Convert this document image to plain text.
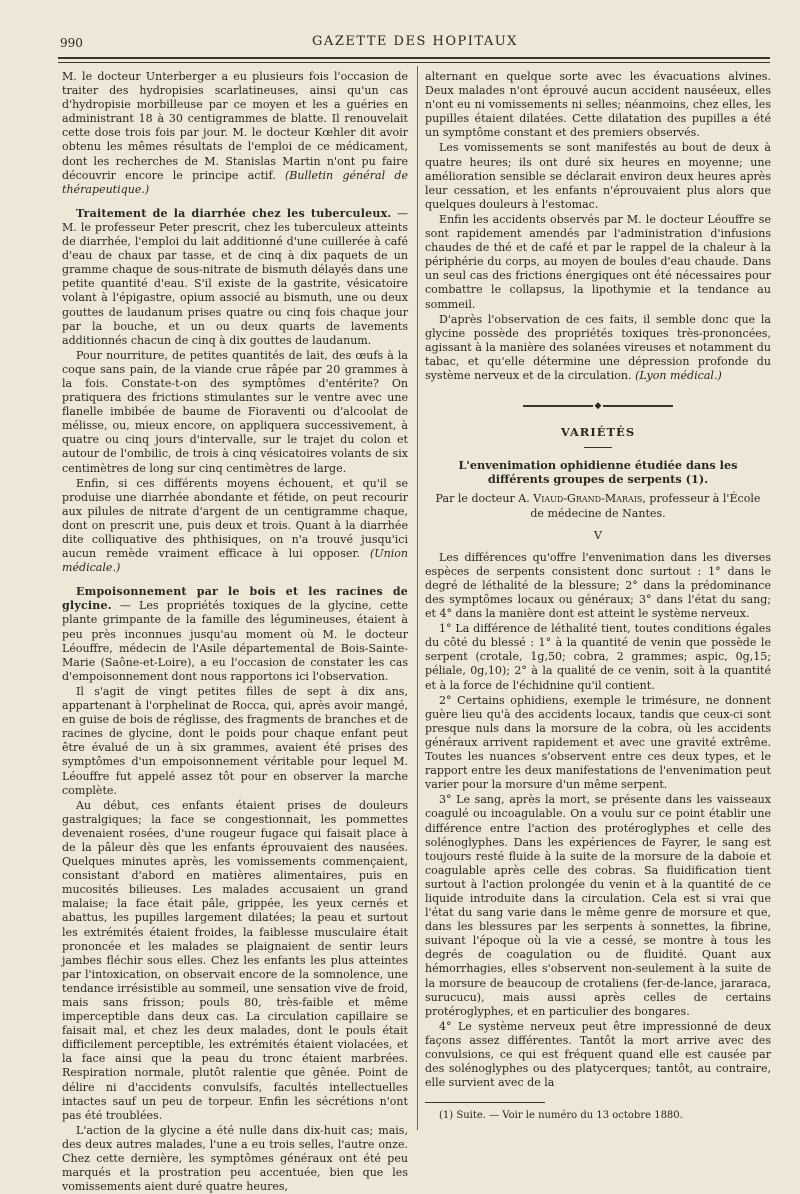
990	GAZETTE DES HOPITAUX

M. le docteur Unterberger a eu plusieurs fois l'occasion de traiter des hydropisies scarlatineuses, ainsi qu'un cas d'hydropisie morbilleuse par ce moyen et les a guéries en administrant 18 à 30 centigrammes de blatte. Il renouvelait cette dose trois fois par jour. M. le docteur Kœhler dit avoir obtenu les mêmes résultats de l'emploi de ce médicament, dont les recherches de M. Stanislas Martin n'ont pu faire découvrir encore le principe actif. (Bulletin général de thérapeutique.)

Traitement de la diarrhée chez les tuberculeux. — M. le professeur Peter prescrit, chez les tuberculeux atteints de diarrhée, l'emploi du lait additionné d'une cuillerée à café d'eau de chaux par tasse, et de cinq à dix paquets de un gramme chaque de sous-nitrate de bismuth délayés dans une petite quantité d'eau. S'il existe de la gastrite, vésicatoire volant à l'épigastre, opium associé au bismuth, une ou deux gouttes de laudanum prises quatre ou cinq fois chaque jour par la bouche, et un ou deux quarts de lavements additionnés chacun de cinq à dix gouttes de laudanum.

Pour nourriture, de petites quantités de lait, des œufs à la coque sans pain, de la viande crue râpée par 20 grammes à la fois. Constate-t-on des symptômes d'entérite? On pratiquera des frictions stimulantes sur le ventre avec une flanelle imbibée de baume de Fioraventi ou d'alcoolat de mélisse, ou, mieux encore, on appliquera successivement, à quatre ou cinq jours d'intervalle, sur le trajet du colon et autour de l'ombilic, de trois à cinq vésicatoires volants de six centimètres de long sur cinq centimètres de large.

Enfin, si ces différents moyens échouent, et qu'il se produise une diarrhée abondante et fétide, on peut recourir aux pilules de nitrate d'argent de un centigramme chaque, dont on prescrit une, puis deux et trois. Quant à la diarrhée dite colliquative des phthisiques, on n'a trouvé jusqu'ici aucun remède vraiment efficace à lui opposer. (Union médicale.)

Empoisonnement par le bois et les racines de glycine. — Les propriétés toxiques de la glycine, cette plante grimpante de la famille des légumineuses, étaient à peu près inconnues jusqu'au moment où M. le docteur Léouffre, médecin de l'Asile départemental de Bois-Sainte-Marie (Saône-et-Loire), a eu l'occasion de constater les cas d'empoisonnement dont nous rapportons ici l'observation.

Il s'agit de vingt petites filles de sept à dix ans, appartenant à l'orphelinat de Rocca, qui, après avoir mangé, en guise de bois de réglisse, des fragments de branches et de racines de glycine, dont le poids pour chaque enfant peut être évalué de un à six grammes, avaient été prises des symptômes d'un empoisonnement véritable pour lequel M. Léouffre fut appelé assez tôt pour en observer la marche complète.

Au début, ces enfants étaient prises de douleurs gastralgiques; la face se congestionnait, les pommettes devenaient rosées, d'une rougeur fugace qui faisait place à de la pâleur dès que les enfants éprouvaient des nausées. Quelques minutes après, les vomissements commençaient, consistant d'abord en matières alimentaires, puis en mucosités bilieuses. Les malades accusaient un grand malaise; la face était pâle, grippée, les yeux cernés et abattus, les pupilles largement dilatées; la peau et surtout les extrémités étaient froides, la faiblesse musculaire était prononcée et les malades se plaignaient de sentir leurs jambes fléchir sous elles. Chez les enfants les plus atteintes par l'intoxication, on observait encore de la somnolence, une tendance irrésistible au sommeil, une sensation vive de froid, mais sans frisson; pouls 80, très-faible et même imperceptible dans deux cas. La circulation capillaire se faisait mal, et chez les deux malades, dont le pouls était difficilement perceptible, les extrémités étaient violacées, et la face ainsi que la peau du tronc étaient marbrées. Respiration normale, plutôt ralentie que gênée. Point de délire ni d'accidents convulsifs, facultés intellectuelles intactes sauf un peu de torpeur. Enfin les sécrétions n'ont pas été troublées.

L'action de la glycine a été nulle dans dix-huit cas; mais, des deux autres malades, l'une a eu trois selles, l'autre onze. Chez cette dernière, les symptômes généraux ont été peu marqués et la prostration peu accentuée, bien que les vomissements aient duré quatre heures,

alternant en quelque sorte avec les évacuations alvines. Deux malades n'ont éprouvé aucun accident nauséeux, elles n'ont eu ni vomissements ni selles; néanmoins, chez elles, les pupilles étaient dilatées. Cette dilatation des pupilles a été un symptôme constant et des premiers observés.

Les vomissements se sont manifestés au bout de deux à quatre heures; ils ont duré six heures en moyenne; une amélioration sensible se déclarait environ deux heures après leur cessation, et les enfants n'éprouvaient plus alors que quelques douleurs à l'estomac.

Enfin les accidents observés par M. le docteur Léouffre se sont rapidement amendés par l'administration d'infusions chaudes de thé et de café et par le rappel de la chaleur à la périphérie du corps, au moyen de boules d'eau chaude. Dans un seul cas des frictions énergiques ont été nécessaires pour combattre le collapsus, la lipothymie et la tendance au sommeil.

D'après l'observation de ces faits, il semble donc que la glycine possède des propriétés toxiques très-prononcées, agissant à la manière des solanées vireuses et notamment du tabac, et qu'elle détermine une dépression profonde du système nerveux et de la circulation. (Lyon médical.)

◆
VARIÉTÉS
L'envenimation ophidienne étudiée dans les différents groupes de serpents (1).
Par le docteur A. Viaud-Grand-Marais, professeur à l'École de médecine de Nantes.
V

Les différences qu'offre l'envenimation dans les diverses espèces de serpents consistent donc surtout : 1° dans le degré de léthalité de la blessure; 2° dans la prédominance des symptômes locaux ou généraux; 3° dans l'état du sang; et 4° dans la manière dont est atteint le système nerveux.

1° La différence de léthalité tient, toutes conditions égales du côté du blessé : 1° à la quantité de venin que possède le serpent (crotale, 1g,50; cobra, 2 grammes; aspic, 0g,15; péliale, 0g,10); 2° à la qualité de ce venin, soit à la quantité et à la force de l'échidnine qu'il contient.

2° Certains ophidiens, exemple le trimésure, ne donnent guère lieu qu'à des accidents locaux, tandis que ceux-ci sont presque nuls dans la morsure de la cobra, où les accidents généraux arrivent rapidement et avec une gravité extrême. Toutes les nuances s'observent entre ces deux types, et le rapport entre les deux manifestations de l'envenimation peut varier pour la morsure d'un même serpent.

3° Le sang, après la mort, se présente dans les vaisseaux coagulé ou incoagulable. On a voulu sur ce point établir une différence entre l'action des protéroglyphes et celle des solénoglyphes. Dans les expériences de Fayrer, le sang est toujours resté fluide à la suite de la morsure de la daboie et coagulable après celle des cobras. Sa fluidification tient surtout à l'action prolongée du venin et à la quantité de ce liquide introduite dans la circulation. Cela est si vrai que l'état du sang varie dans le même genre de morsure et que, dans les blessures par les serpents à sonnettes, la fibrine, suivant l'époque où la vie a cessé, se montre à tous les degrés de coagulation ou de fluidité. Quant aux hémorrhagies, elles s'observent non-seulement à la suite de la morsure de beaucoup de crotaliens (fer-de-lance, jararaca, surucucu), mais aussi après celles de certains protéroglyphes, et en particulier des bongares.

4° Le système nerveux peut être impressionné de deux façons assez différentes. Tantôt la mort arrive avec des convulsions, ce qui est fréquent quand elle est causée par des solénoglyphes ou des platycerques; tantôt, au contraire, elle survient avec de la

(1) Suite. — Voir le numéro du 13 octobre 1880.
